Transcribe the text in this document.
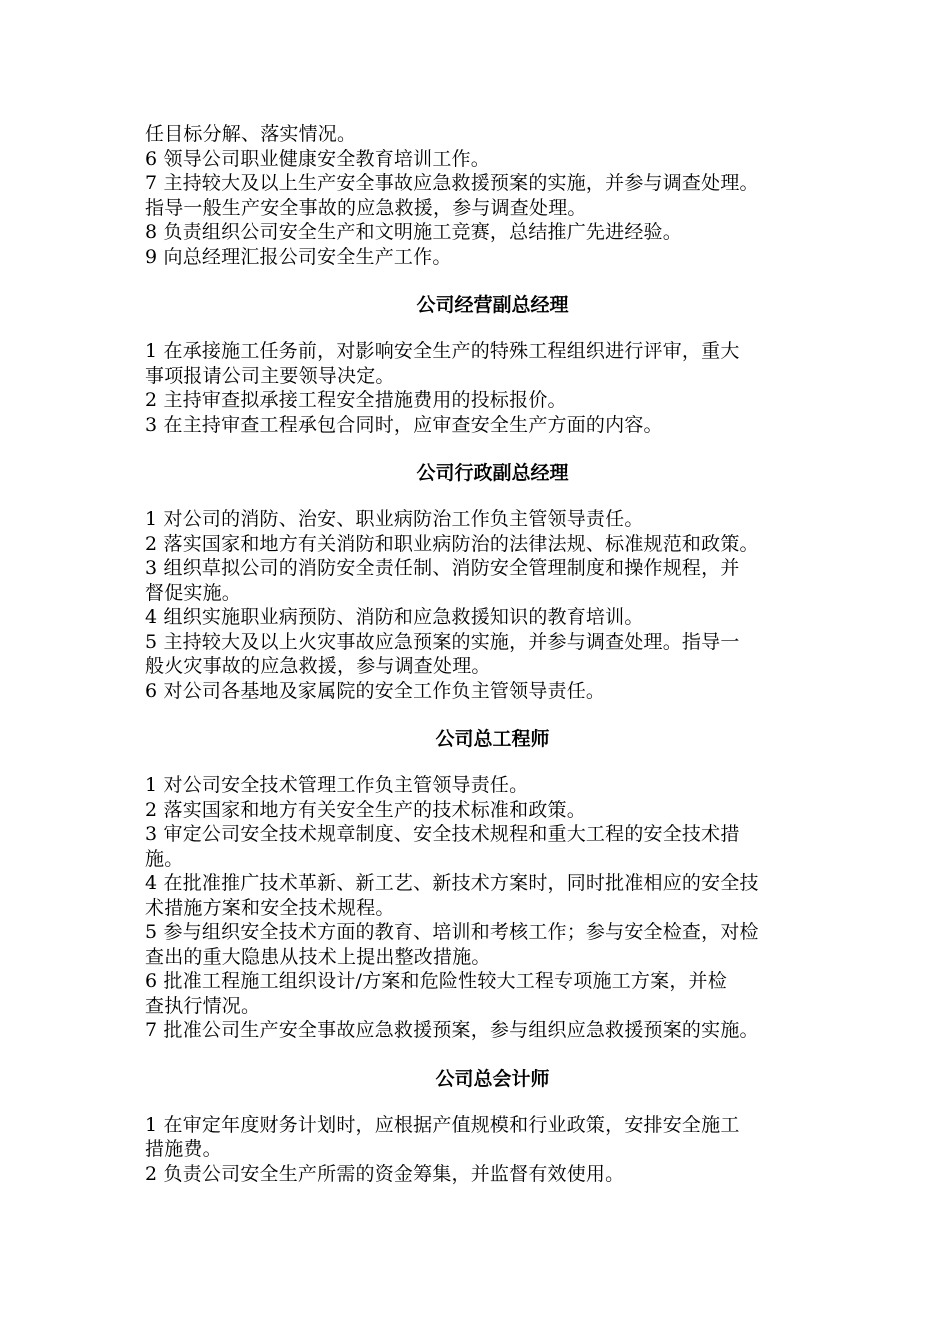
任目标分解、落实情况。

6 领导公司职业健康安全教育培训工作。

7 主持较大及以上生产安全事故应急救援预案的实施，并参与调查处理。

指导一般生产安全事故的应急救援，参与调查处理。

8 负责组织公司安全生产和文明施工竞赛，总结推广先进经验。

9 向总经理汇报公司安全生产工作。

公司经营副总经理

1 在承接施工任务前，对影响安全生产的特殊工程组织进行评审，重大

事项报请公司主要领导决定。

2 主持审查拟承接工程安全措施费用的投标报价。

3 在主持审查工程承包合同时，应审查安全生产方面的内容。

公司行政副总经理

1 对公司的消防、治安、职业病防治工作负主管领导责任。

2 落实国家和地方有关消防和职业病防治的法律法规、标准规范和政策。

3 组织草拟公司的消防安全责任制、消防安全管理制度和操作规程，并

督促实施。

4 组织实施职业病预防、消防和应急救援知识的教育培训。

5 主持较大及以上火灾事故应急预案的实施，并参与调查处理。指导一

般火灾事故的应急救援，参与调查处理。

6 对公司各基地及家属院的安全工作负主管领导责任。

公司总工程师

1 对公司安全技术管理工作负主管领导责任。

2 落实国家和地方有关安全生产的技术标准和政策。

3 审定公司安全技术规章制度、安全技术规程和重大工程的安全技术措

施。

4 在批准推广技术革新、新工艺、新技术方案时，同时批准相应的安全技

术措施方案和安全技术规程。

5 参与组织安全技术方面的教育、培训和考核工作；参与安全检查，对检

查出的重大隐患从技术上提出整改措施。

6 批准工程施工组织设计/方案和危险性较大工程专项施工方案，并检

查执行情况。

7 批准公司生产安全事故应急救援预案，参与组织应急救援预案的实施。

公司总会计师

1 在审定年度财务计划时，应根据产值规模和行业政策，安排安全施工

措施费。

2 负责公司安全生产所需的资金筹集，并监督有效使用。
